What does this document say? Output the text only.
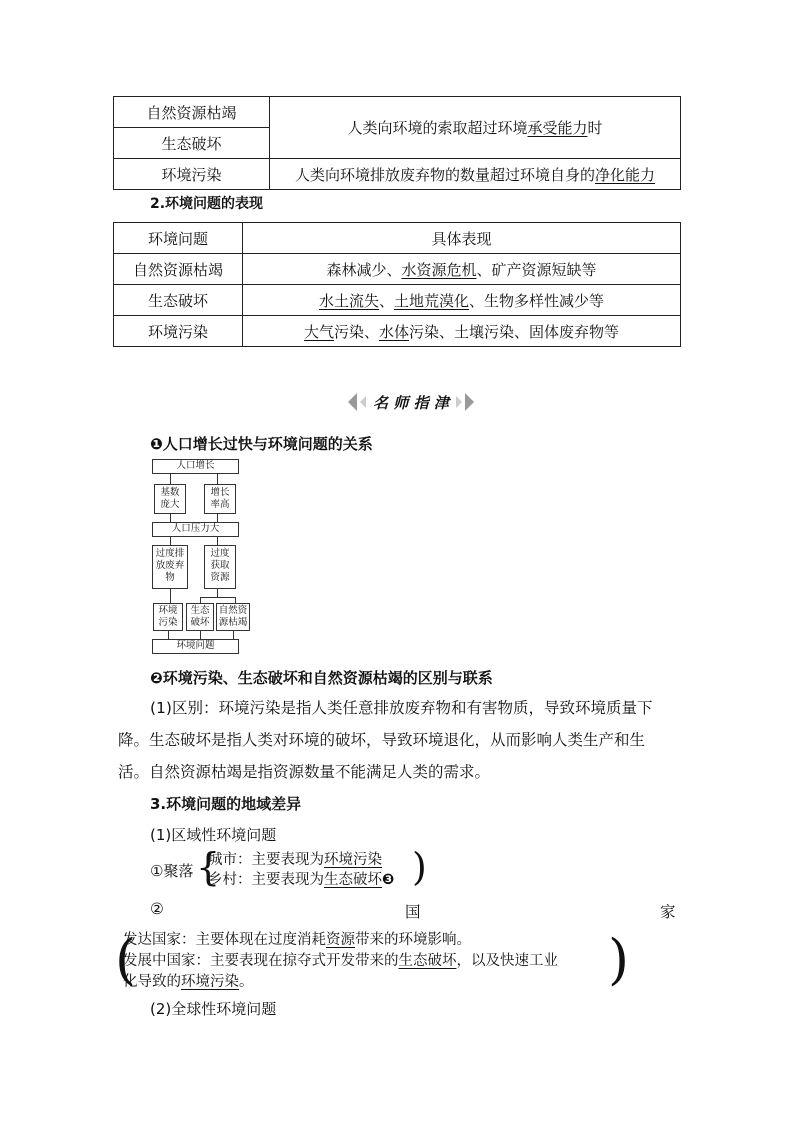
自然资源枯竭	人类向环境的索取超过环境承受能力时
生态破坏	
环境污染	人类向环境排放废弃物的数量超过环境自身的净化能力
2.环境问题的表现
环境问题	具体表现
自然资源枯竭	森林减少、水资源危机、矿产资源短缺等
生态破坏	水土流失、土地荒漠化、生物多样性减少等
环境污染	大气污染、水体污染、土壤污染、固体废弃物等
名 师 指 津
❶人口增长过快与环境问题的关系
人口增长
基数庞大
增长率高
人口压力大
过度排放废弃物
过度获取资源
环境污染
生态破坏
自然资源枯竭
环境问题
❷环境污染、生态破坏和自然资源枯竭的区别与联系
(1)区别：环境污染是指人类任意排放废弃物和有害物质，导致环境质量下
降。生态破坏是指人类对环境的破坏，导致环境退化，从而影响人类生产和生
活。自然资源枯竭是指资源数量不能满足人类的需求。
3.环境问题的地域差异
(1)区域性环境问题
①聚落 {
城市：主要表现为环境污染
乡村：主要表现为生态破坏❸ )
②	国	家
(
发达国家：主要体现在过度消耗资源带来的环境影响。
发展中国家：主要表现在掠夺式开发带来的生态破坏，以及快速工业
化导致的环境污染。	)
(2)全球性环境问题
